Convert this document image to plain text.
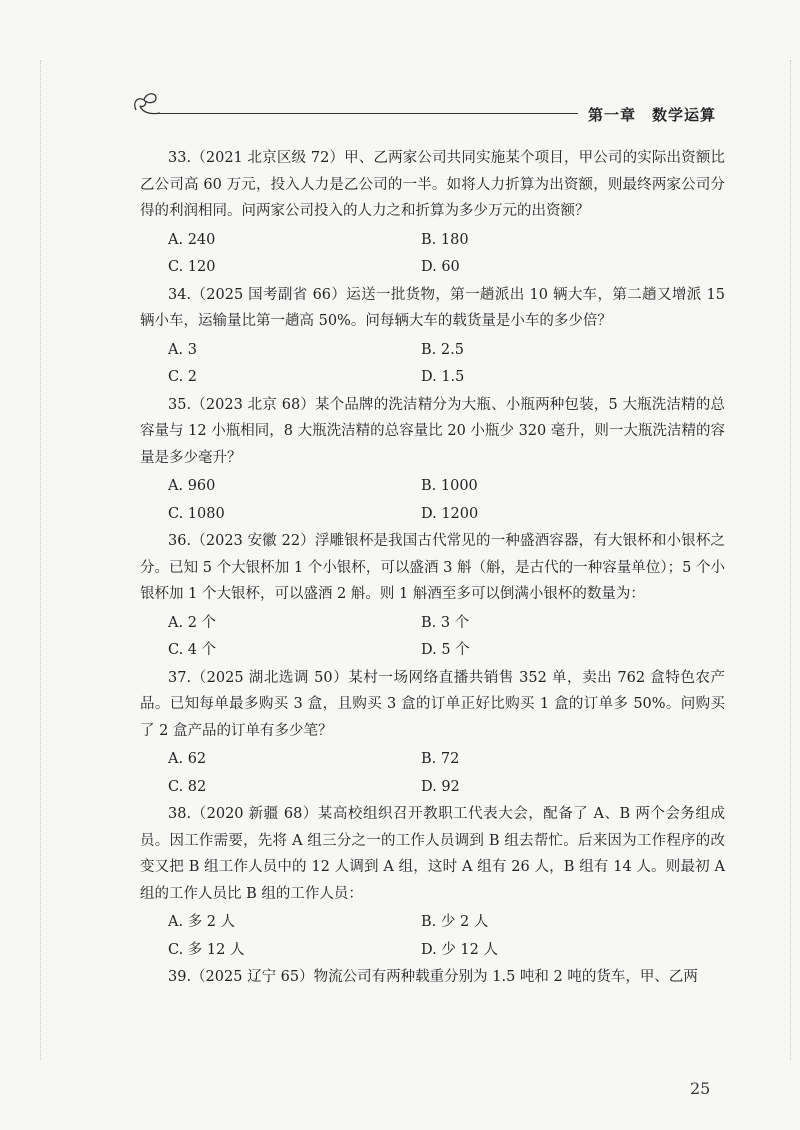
第一章　数学运算
33.（2021 北京区级 72）甲、乙两家公司共同实施某个项目，甲公司的实际出资额比乙公司高 60 万元，投入人力是乙公司的一半。如将人力折算为出资额，则最终两家公司分得的利润相同。问两家公司投入的人力之和折算为多少万元的出资额？
A. 240	B. 180
C. 120	D. 60
34.（2025 国考副省 66）运送一批货物，第一趟派出 10 辆大车，第二趟又增派 15 辆小车，运输量比第一趟高 50%。问每辆大车的载货量是小车的多少倍？
A. 3	B. 2.5
C. 2	D. 1.5
35.（2023 北京 68）某个品牌的洗洁精分为大瓶、小瓶两种包装，5 大瓶洗洁精的总容量与 12 小瓶相同，8 大瓶洗洁精的总容量比 20 小瓶少 320 毫升，则一大瓶洗洁精的容量是多少毫升？
A. 960	B. 1000
C. 1080	D. 1200
36.（2023 安徽 22）浮雕银杯是我国古代常见的一种盛酒容器，有大银杯和小银杯之分。已知 5 个大银杯加 1 个小银杯，可以盛酒 3 斛（斛，是古代的一种容量单位）；5 个小银杯加 1 个大银杯，可以盛酒 2 斛。则 1 斛酒至多可以倒满小银杯的数量为：
A. 2 个	B. 3 个
C. 4 个	D. 5 个
37.（2025 湖北选调 50）某村一场网络直播共销售 352 单，卖出 762 盒特色农产品。已知每单最多购买 3 盒，且购买 3 盒的订单正好比购买 1 盒的订单多 50%。问购买了 2 盒产品的订单有多少笔？
A. 62	B. 72
C. 82	D. 92
38.（2020 新疆 68）某高校组织召开教职工代表大会，配备了 A、B 两个会务组成员。因工作需要，先将 A 组三分之一的工作人员调到 B 组去帮忙。后来因为工作程序的改变又把 B 组工作人员中的 12 人调到 A 组，这时 A 组有 26 人，B 组有 14 人。则最初 A 组的工作人员比 B 组的工作人员：
A. 多 2 人	B. 少 2 人
C. 多 12 人	D. 少 12 人
39.（2025 辽宁 65）物流公司有两种载重分别为 1.5 吨和 2 吨的货车，甲、乙两
25
